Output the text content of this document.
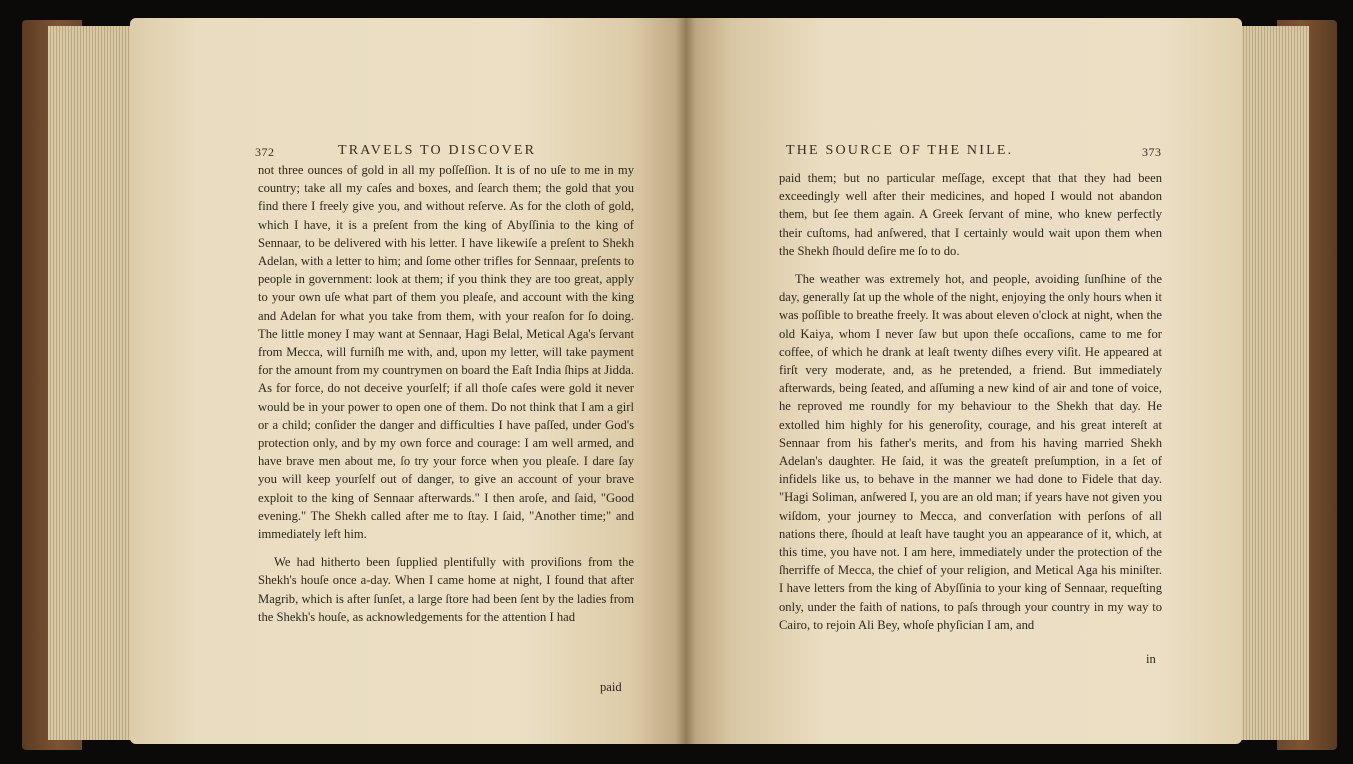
372	TRAVELS TO DISCOVER	THE SOURCE OF THE NILE.	373

not three ounces of gold in all my poſſeſſion. It is of no uſe to me in my country; take all my caſes and boxes, and ſearch them; the gold that you find there I freely give you, and without reſerve. As for the cloth of gold, which I have, it is a preſent from the king of Abyſſinia to the king of Sennaar, to be delivered with his letter. I have likewiſe a preſent to Shekh Adelan, with a letter to him; and ſome other trifles for Sennaar, preſents to people in government: look at them; if you think they are too great, apply to your own uſe what part of them you pleaſe, and account with the king and Adelan for what you take from them, with your reaſon for ſo doing. The little money I may want at Sennaar, Hagi Belal, Metical Aga's ſervant from Mecca, will furniſh me with, and, upon my letter, will take payment for the amount from my countrymen on board the Eaſt India ſhips at Jidda. As for force, do not deceive yourſelf; if all thoſe caſes were gold it never would be in your power to open one of them. Do not think that I am a girl or a child; conſider the danger and difficulties I have paſſed, under God's protection only, and by my own force and courage: I am well armed, and have brave men about me, ſo try your force when you pleaſe. I dare ſay you will keep yourſelf out of danger, to give an account of your brave exploit to the king of Sennaar afterwards." I then aroſe, and ſaid, "Good evening." The Shekh called after me to ſtay. I ſaid, "Another time;" and immediately left him.

We had hitherto been ſupplied plentifully with proviſions from the Shekh's houſe once a-day. When I came home at night, I found that after Magrib, which is after ſunſet, a large ſtore had been ſent by the ladies from the Shekh's houſe, as acknowledgements for the attention I had

paid

paid them; but no particular meſſage, except that that they had been exceedingly well after their medicines, and hoped I would not abandon them, but ſee them again. A Greek ſervant of mine, who knew perfectly their cuſtoms, had anſwered, that I certainly would wait upon them when the Shekh ſhould deſire me ſo to do.

The weather was extremely hot, and people, avoiding ſunſhine of the day, generally ſat up the whole of the night, enjoying the only hours when it was poſſible to breathe freely. It was about eleven o'clock at night, when the old Kaiya, whom I never ſaw but upon theſe occaſions, came to me for coffee, of which he drank at leaſt twenty diſhes every viſit. He appeared at firſt very moderate, and, as he pretended, a friend. But immediately afterwards, being ſeated, and aſſuming a new kind of air and tone of voice, he reproved me roundly for my behaviour to the Shekh that day. He extolled him highly for his generoſity, courage, and his great intereſt at Sennaar from his father's merits, and from his having married Shekh Adelan's daughter. He ſaid, it was the greateſt preſumption, in a ſet of infidels like us, to behave in the manner we had done to Fidele that day. "Hagi Soliman, anſwered I, you are an old man; if years have not given you wiſdom, your journey to Mecca, and converſation with perſons of all nations there, ſhould at leaſt have taught you an appearance of it, which, at this time, you have not. I am here, immediately under the protection of the ſherriffe of Mecca, the chief of your religion, and Metical Aga his miniſter. I have letters from the king of Abyſſinia to your king of Sennaar, requeſting only, under the faith of nations, to paſs through your country in my way to Cairo, to rejoin Ali Bey, whoſe phyſician I am, and

in
